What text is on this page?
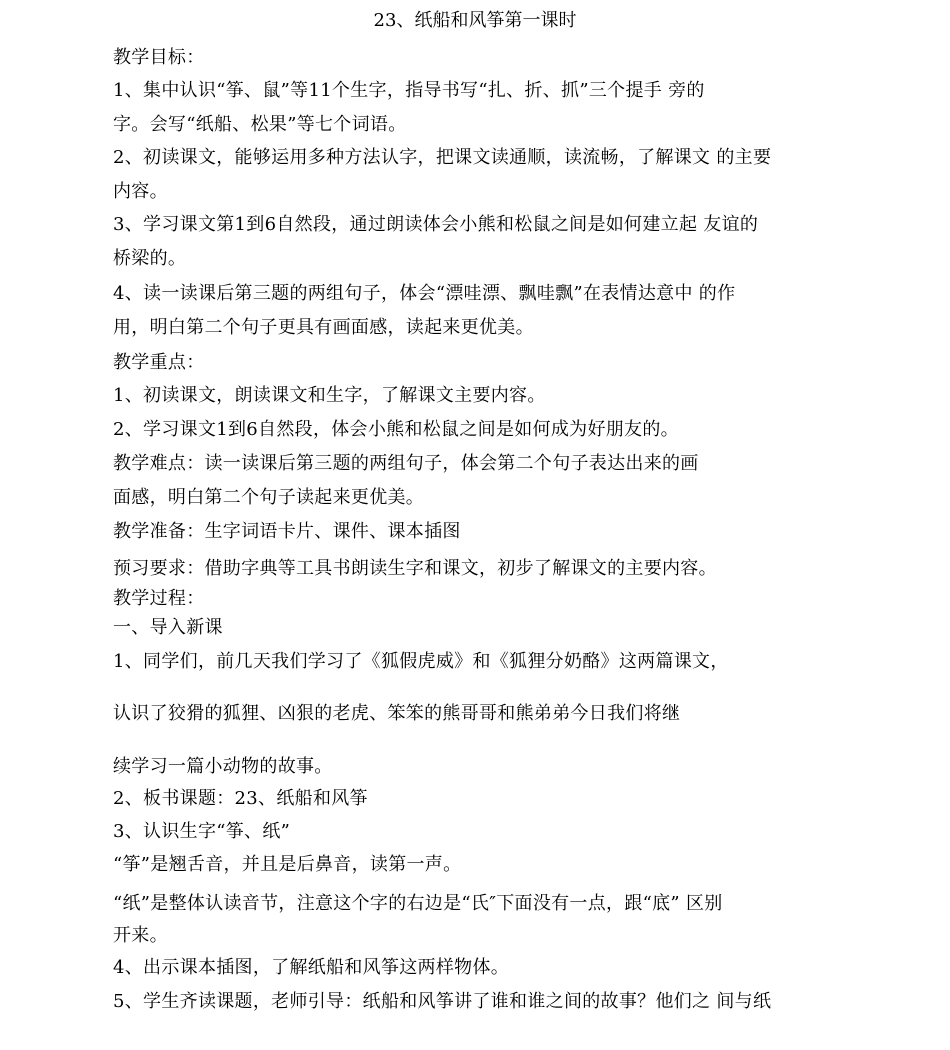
23、纸船和风筝第一课时
教学目标：
1、集中认识“筝、鼠”等11个生字，指导书写“扎、折、抓”三个提手 旁的
字。会写“纸船、松果”等七个词语。
2、初读课文，能够运用多种方法认字，把课文读通顺，读流畅，了解课文 的主要
内容。
3、学习课文第1到6自然段，通过朗读体会小熊和松鼠之间是如何建立起 友谊的
桥梁的。
4、读一读课后第三题的两组句子，体会“漂哇漂、飘哇飘”在表情达意中 的作
用，明白第二个句子更具有画面感，读起来更优美。
教学重点：
1、初读课文，朗读课文和生字，了解课文主要内容。
2、学习课文1到6自然段，体会小熊和松鼠之间是如何成为好朋友的。
教学难点：读一读课后第三题的两组句子，体会第二个句子表达出来的画
面感，明白第二个句子读起来更优美。
教学准备：生字词语卡片、课件、课本插图
预习要求：借助字典等工具书朗读生字和课文，初步了解课文的主要内容。
教学过程：
一、导入新课
1、同学们，前几天我们学习了《狐假虎威》和《狐狸分奶酪》这两篇课文，
认识了狡猾的狐狸、凶狠的老虎、笨笨的熊哥哥和熊弟弟今日我们将继
续学习一篇小动物的故事。
2、板书课题：23、纸船和风筝
3、认识生字“筝、纸”
“筝”是翘舌音，并且是后鼻音，读第一声。
“纸”是整体认读音节，注意这个字的右边是“氏″下面没有一点，跟“底” 区别
开来。
4、出示课本插图，了解纸船和风筝这两样物体。
5、学生齐读课题，老师引导：纸船和风筝讲了谁和谁之间的故事？他们之 间与纸
